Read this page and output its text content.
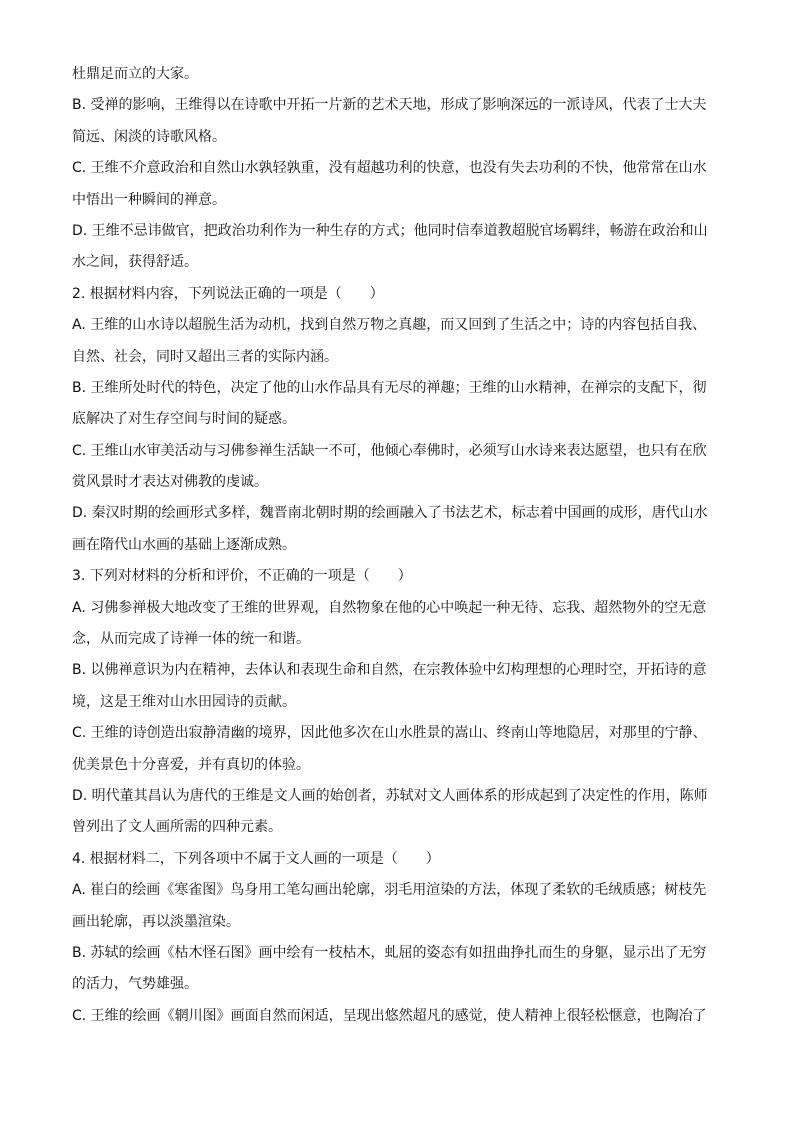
杜鼎足而立的大家。
B. 受禅的影响，王维得以在诗歌中开拓一片新的艺术天地，形成了影响深远的一派诗风，代表了士大夫
简远、闲淡的诗歌风格。
C. 王维不介意政治和自然山水孰轻孰重，没有超越功利的快意，也没有失去功利的不快，他常常在山水
中悟出一种瞬间的禅意。
D. 王维不忌讳做官，把政治功利作为一种生存的方式；他同时信奉道教超脱官场羁绊，畅游在政治和山
水之间，获得舒适。
2. 根据材料内容，下列说法正确的一项是（　　）
A. 王维的山水诗以超脱生活为动机，找到自然万物之真趣，而又回到了生活之中；诗的内容包括自我、
自然、社会，同时又超出三者的实际内涵。
B. 王维所处时代的特色，决定了他的山水作品具有无尽的禅趣；王维的山水精神，在禅宗的支配下，彻
底解决了对生存空间与时间的疑惑。
C. 王维山水审美活动与习佛参禅生活缺一不可，他倾心奉佛时，必须写山水诗来表达愿望，也只有在欣
赏风景时才表达对佛教的虔诚。
D. 秦汉时期的绘画形式多样，魏晋南北朝时期的绘画融入了书法艺术，标志着中国画的成形，唐代山水
画在隋代山水画的基础上逐渐成熟。
3. 下列对材料的分析和评价，不正确的一项是（　　）
A. 习佛参禅极大地改变了王维的世界观，自然物象在他的心中唤起一种无待、忘我、超然物外的空无意
念，从而完成了诗禅一体的统一和谐。
B. 以佛禅意识为内在精神，去体认和表现生命和自然，在宗教体验中幻构理想的心理时空，开拓诗的意
境，这是王维对山水田园诗的贡献。
C. 王维的诗创造出寂静清幽的境界，因此他多次在山水胜景的嵩山、终南山等地隐居，对那里的宁静、
优美景色十分喜爱，并有真切的体验。
D. 明代董其昌认为唐代的王维是文人画的始创者，苏轼对文人画体系的形成起到了决定性的作用，陈师
曾列出了文人画所需的四种元素。
4. 根据材料二，下列各项中不属于文人画的一项是（　　）
A. 崔白的绘画《寒雀图》鸟身用工笔勾画出轮廓，羽毛用渲染的方法，体现了柔软的毛绒质感；树枝先
画出轮廓，再以淡墨渲染。
B. 苏轼的绘画《枯木怪石图》画中绘有一枝枯木，虬屈的姿态有如扭曲挣扎而生的身躯，显示出了无穷
的活力，气势雄强。
C. 王维的绘画《辋川图》画面自然而闲适，呈现出悠然超凡的感觉，使人精神上很轻松惬意，也陶冶了
